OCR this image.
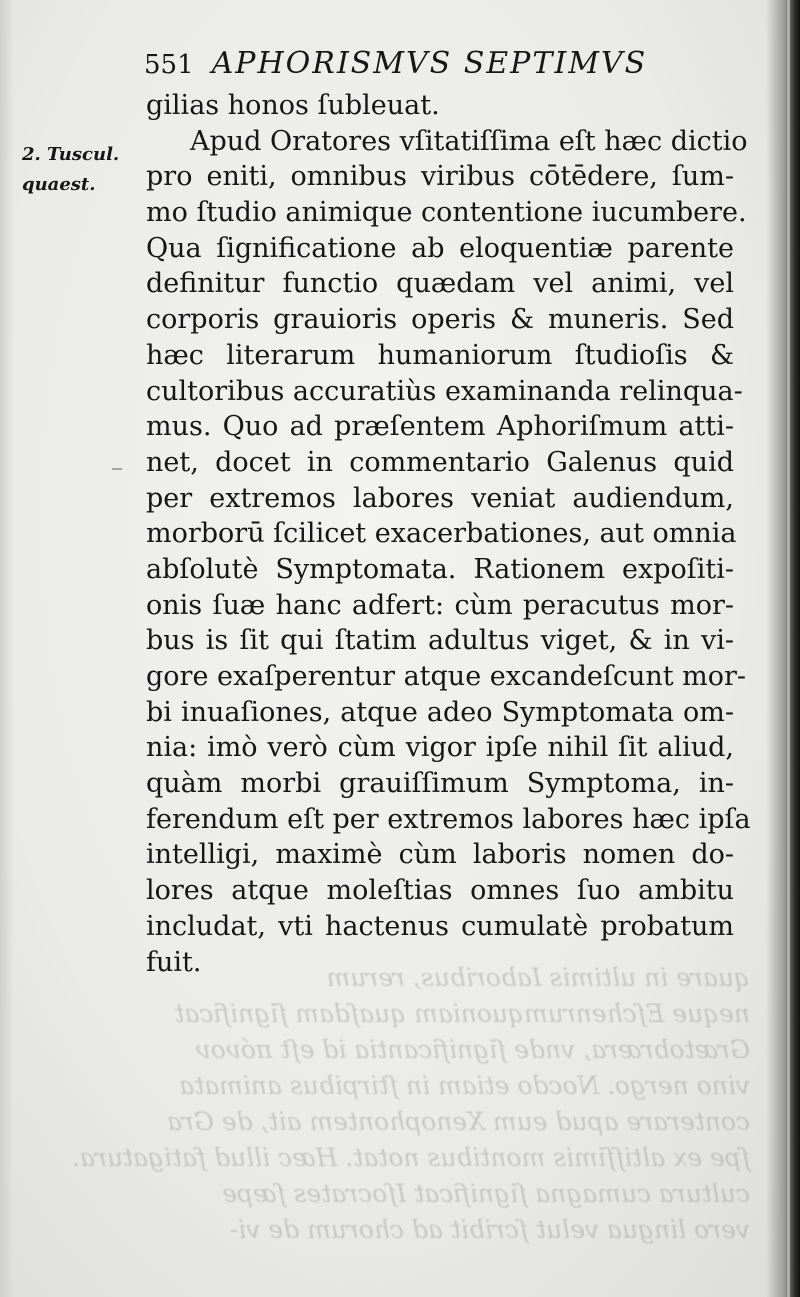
quare in ultimis Iaboribus, rerum
neque Eſchenrumquoniam quaſdam ſignificat
Grætobræra, vnde ſignificantia id eſt πόνον
vino nergo. Nocdo etiam in ſtirpibus animata
conterare apud eum Xenophontem ait, de Gra
ſpe ex altiſſimis montibus notat. Hæc illud fatigatura.
cultura cumagna ſignificat Iſocrates ſæpe
vero lingua velut ſcribit ad chorum de vi-
551 APHORISMVS SEPTIMVS
2. Tuscul.
quaest.
gilias honos ſubleuat.
Apud Oratores vſitatiſſima eſt hæc dictio
pro eniti, omnibus viribus cōtēdere, ſum-
mo ſtudio animique contentione iucumbere.
Qua ſignificatione ab eloquentiæ parente
definitur functio quædam vel animi, vel
corporis grauioris operis & muneris. Sed
hæc literarum humaniorum ſtudioſis &
cultoribus accuratiùs examinanda relinqua-
mus. Quo ad præſentem Aphoriſmum atti-
net, docet in commentario Galenus quid
per extremos labores veniat audiendum,
morborū ſcilicet exacerbationes, aut omnia
abſolutè Symptomata. Rationem expoſiti-
onis ſuæ hanc adfert: cùm peracutus mor-
bus is ſit qui ſtatim adultus viget, & in vi-
gore exaſperentur atque excandeſcunt mor-
bi inuaſiones, atque adeo Symptomata om-
nia: imò verò cùm vigor ipſe nihil ſit aliud,
quàm morbi grauiſſimum Symptoma, in-
ferendum eſt per extremos labores hæc ipſa
intelligi, maximè cùm laboris nomen do-
lores atque moleſtias omnes ſuo ambitu
includat, vti hactenus cumulatè probatum
fuit.
